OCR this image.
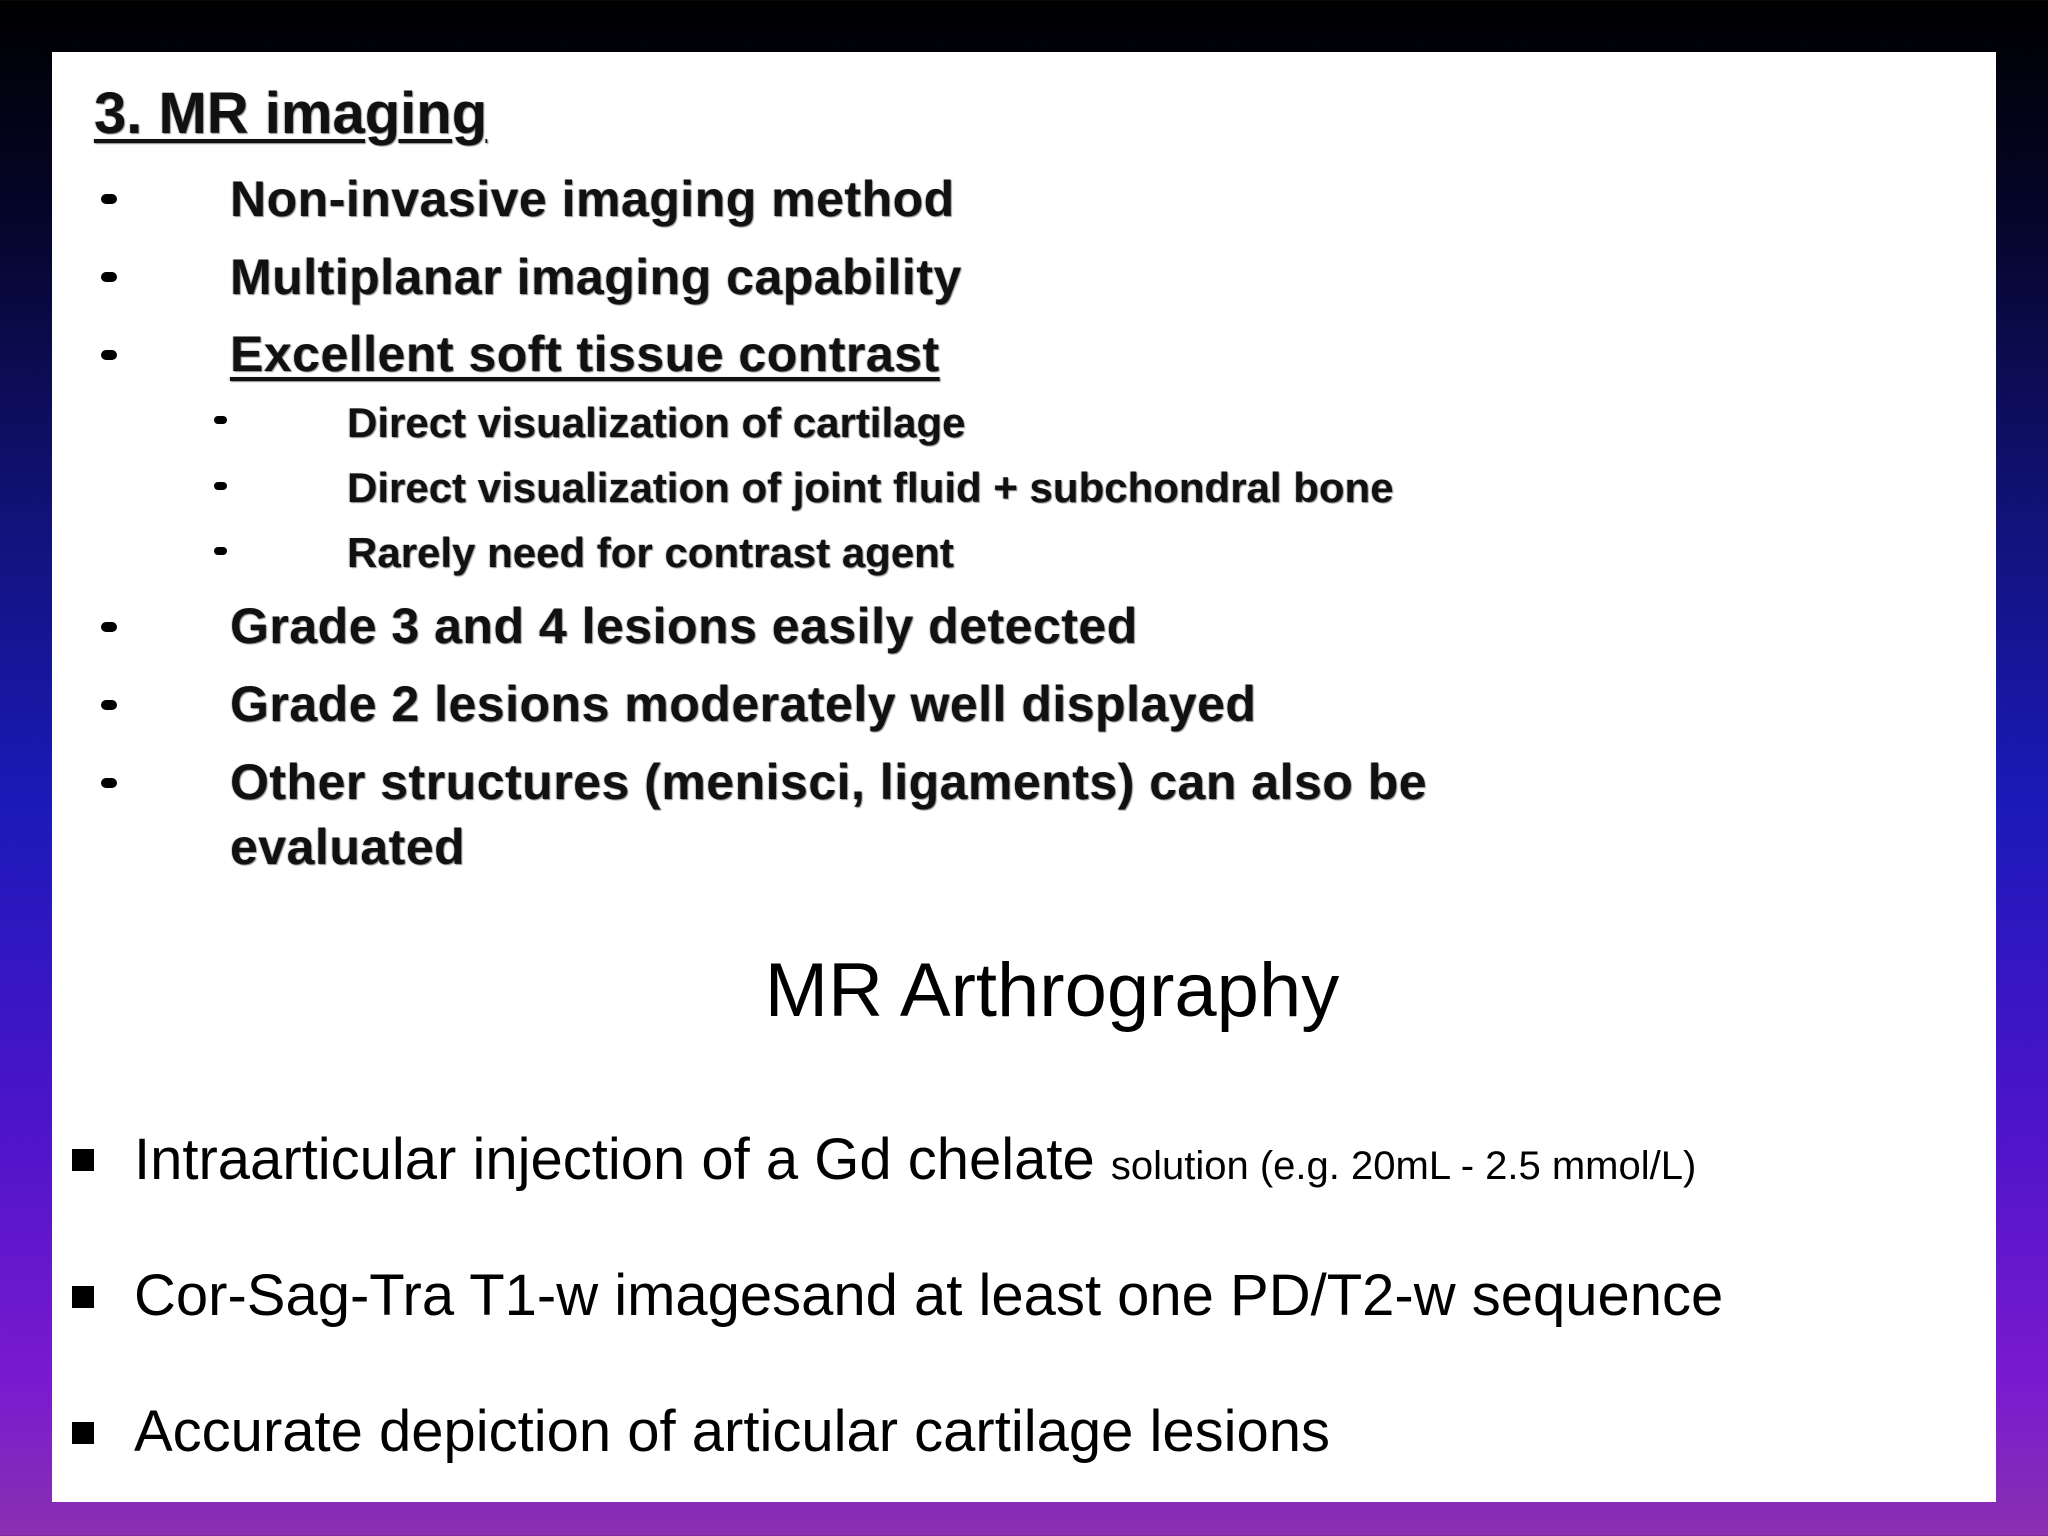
3. MR imaging
Non-invasive imaging method
Multiplanar imaging capability
Excellent soft tissue contrast
Direct visualization of cartilage
Direct visualization of joint fluid + subchondral bone
Rarely need for contrast agent
Grade 3 and 4 lesions easily detected
Grade 2 lesions moderately well displayed
Other structures (menisci, ligaments) can also be
evaluated
MR Arthrography
Intraarticular injection of a Gd chelate solution (e.g. 20mL - 2.5 mmol/L)
Cor-Sag-Tra T1-w imagesand at least one PD/T2-w sequence
Accurate depiction of articular cartilage lesions
